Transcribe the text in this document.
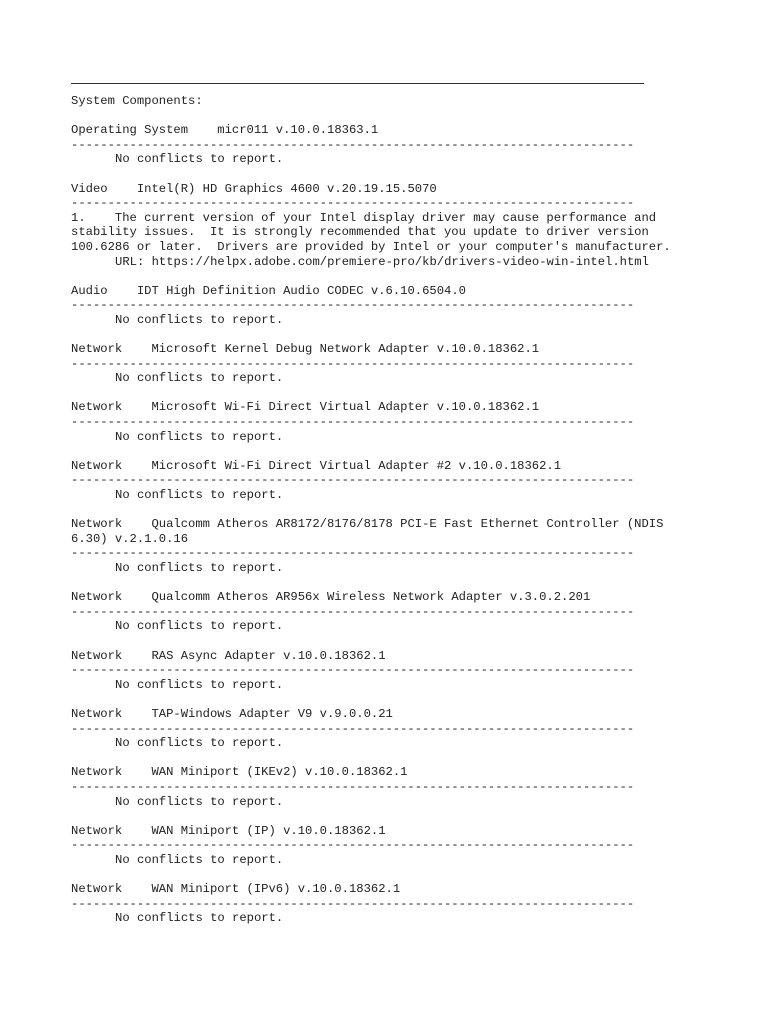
System Components:
Operating System micr011 v.10.0.18363.1
-----------------------------------------------------------------------------
No conflicts to report.
Video Intel(R) HD Graphics 4600 v.20.19.15.5070
-----------------------------------------------------------------------------
1.    The current version of your Intel display driver may cause performance and
stability issues.  It is strongly recommended that you update to driver version
100.6286 or later.  Drivers are provided by Intel or your computer's manufacturer.
URL: https://helpx.adobe.com/premiere-pro/kb/drivers-video-win-intel.html
Audio IDT High Definition Audio CODEC v.6.10.6504.0
-----------------------------------------------------------------------------
No conflicts to report.
Network Microsoft Kernel Debug Network Adapter v.10.0.18362.1
-----------------------------------------------------------------------------
No conflicts to report.
Network Microsoft Wi-Fi Direct Virtual Adapter v.10.0.18362.1
-----------------------------------------------------------------------------
No conflicts to report.
Network Microsoft Wi-Fi Direct Virtual Adapter #2 v.10.0.18362.1
-----------------------------------------------------------------------------
No conflicts to report.
Network Qualcomm Atheros AR8172/8176/8178 PCI-E Fast Ethernet Controller (NDIS
6.30) v.2.1.0.16
-----------------------------------------------------------------------------
No conflicts to report.
Network Qualcomm Atheros AR956x Wireless Network Adapter v.3.0.2.201
-----------------------------------------------------------------------------
No conflicts to report.
Network RAS Async Adapter v.10.0.18362.1
-----------------------------------------------------------------------------
No conflicts to report.
Network TAP-Windows Adapter V9 v.9.0.0.21
-----------------------------------------------------------------------------
No conflicts to report.
Network WAN Miniport (IKEv2) v.10.0.18362.1
-----------------------------------------------------------------------------
No conflicts to report.
Network WAN Miniport (IP) v.10.0.18362.1
-----------------------------------------------------------------------------
No conflicts to report.
Network WAN Miniport (IPv6) v.10.0.18362.1
-----------------------------------------------------------------------------
No conflicts to report.
